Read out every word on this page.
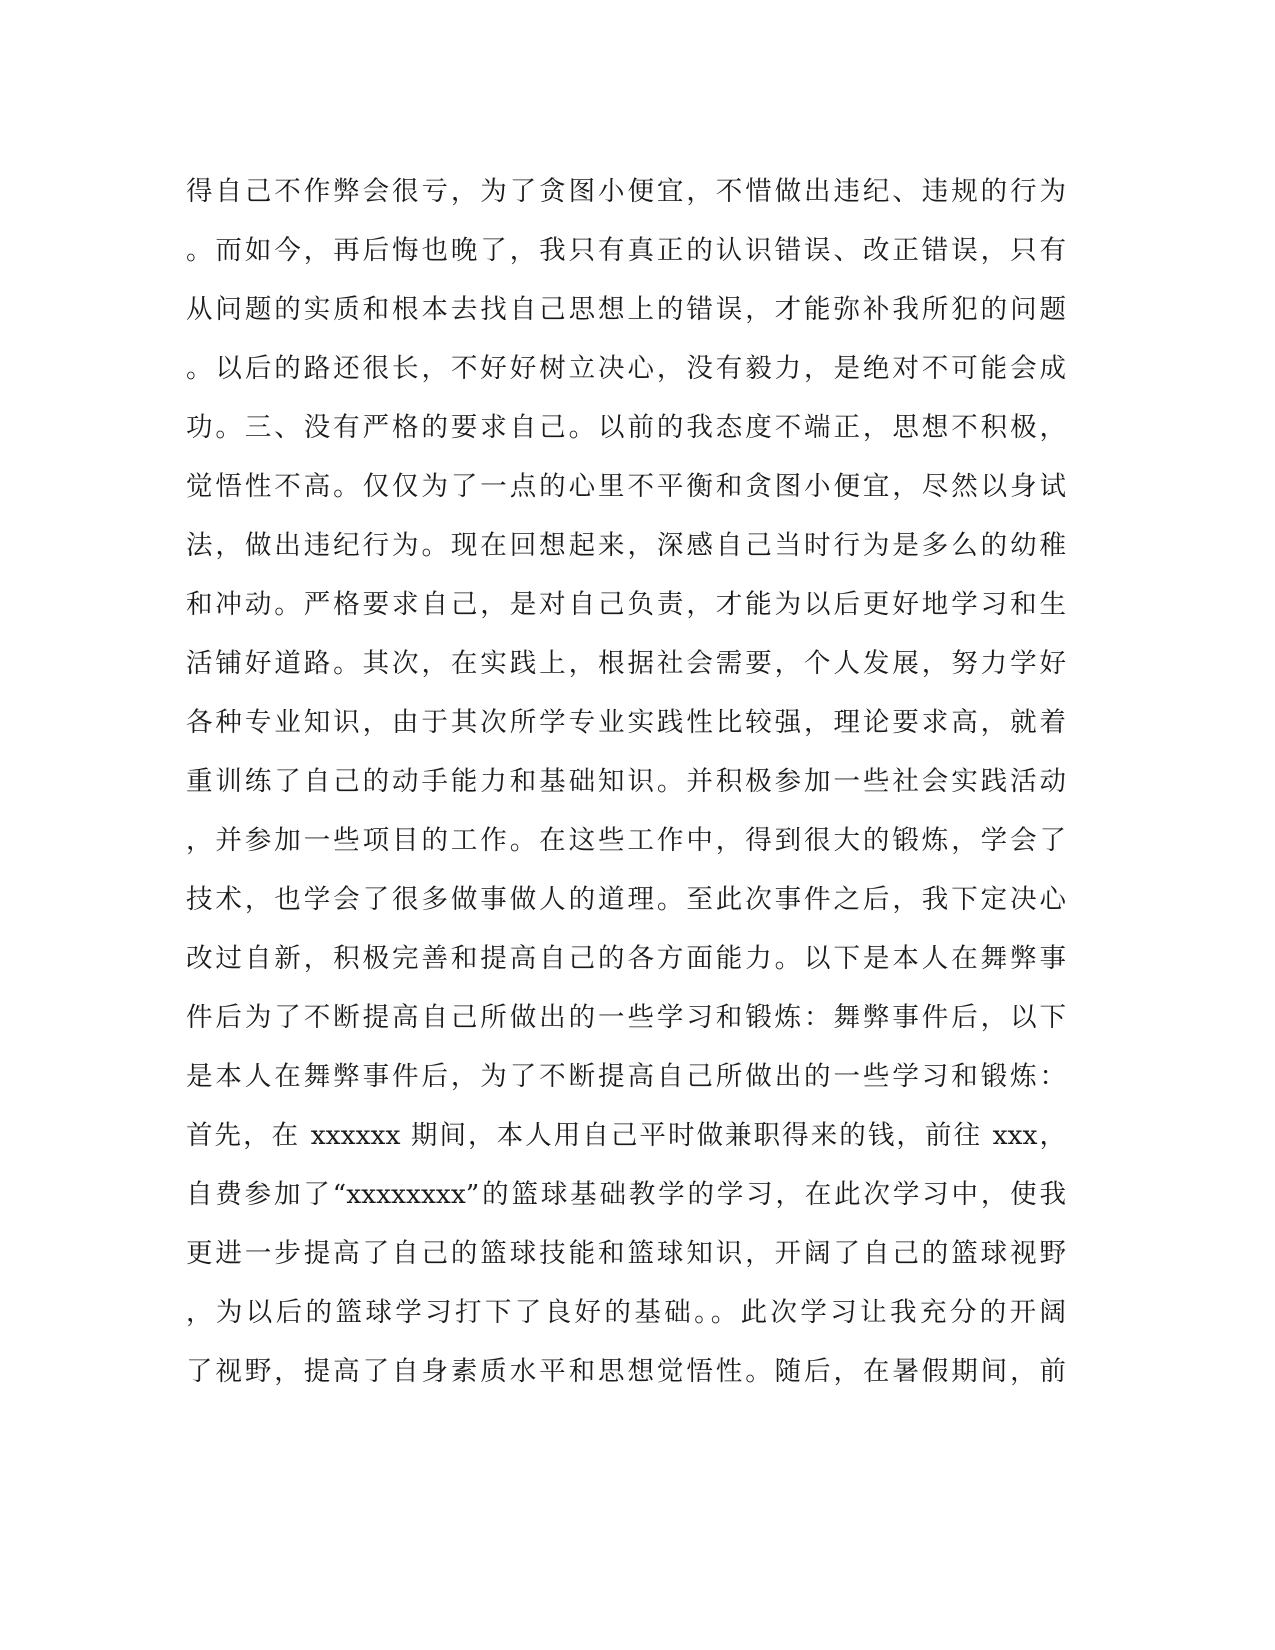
得自己不作弊会很亏，为了贪图小便宜，不惜做出违纪、违规的行为
。而如今，再后悔也晚了，我只有真正的认识错误、改正错误，只有
从问题的实质和根本去找自己思想上的错误，才能弥补我所犯的问题
。以后的路还很长，不好好树立决心，没有毅力，是绝对不可能会成
功。三、没有严格的要求自己。以前的我态度不端正，思想不积极，
觉悟性不高。仅仅为了一点的心里不平衡和贪图小便宜，尽然以身试
法，做出违纪行为。现在回想起来，深感自己当时行为是多么的幼稚
和冲动。严格要求自己，是对自己负责，才能为以后更好地学习和生
活铺好道路。其次，在实践上，根据社会需要，个人发展，努力学好
各种专业知识，由于其次所学专业实践性比较强，理论要求高，就着
重训练了自己的动手能力和基础知识。并积极参加一些社会实践活动
，并参加一些项目的工作。在这些工作中，得到很大的锻炼，学会了
技术，也学会了很多做事做人的道理。至此次事件之后，我下定决心
改过自新，积极完善和提高自己的各方面能力。以下是本人在舞弊事
件后为了不断提高自己所做出的一些学习和锻炼：舞弊事件后，以下
是本人在舞弊事件后，为了不断提高自己所做出的一些学习和锻炼：
首先，在 xxxxxx 期间，本人用自己平时做兼职得来的钱，前往 xxx，
自费参加了“xxxxxxxx”的篮球基础教学的学习，在此次学习中，使我
更进一步提高了自己的篮球技能和篮球知识，开阔了自己的篮球视野
，为以后的篮球学习打下了良好的基础。。此次学习让我充分的开阔
了视野，提高了自身素质水平和思想觉悟性。随后，在暑假期间，前
